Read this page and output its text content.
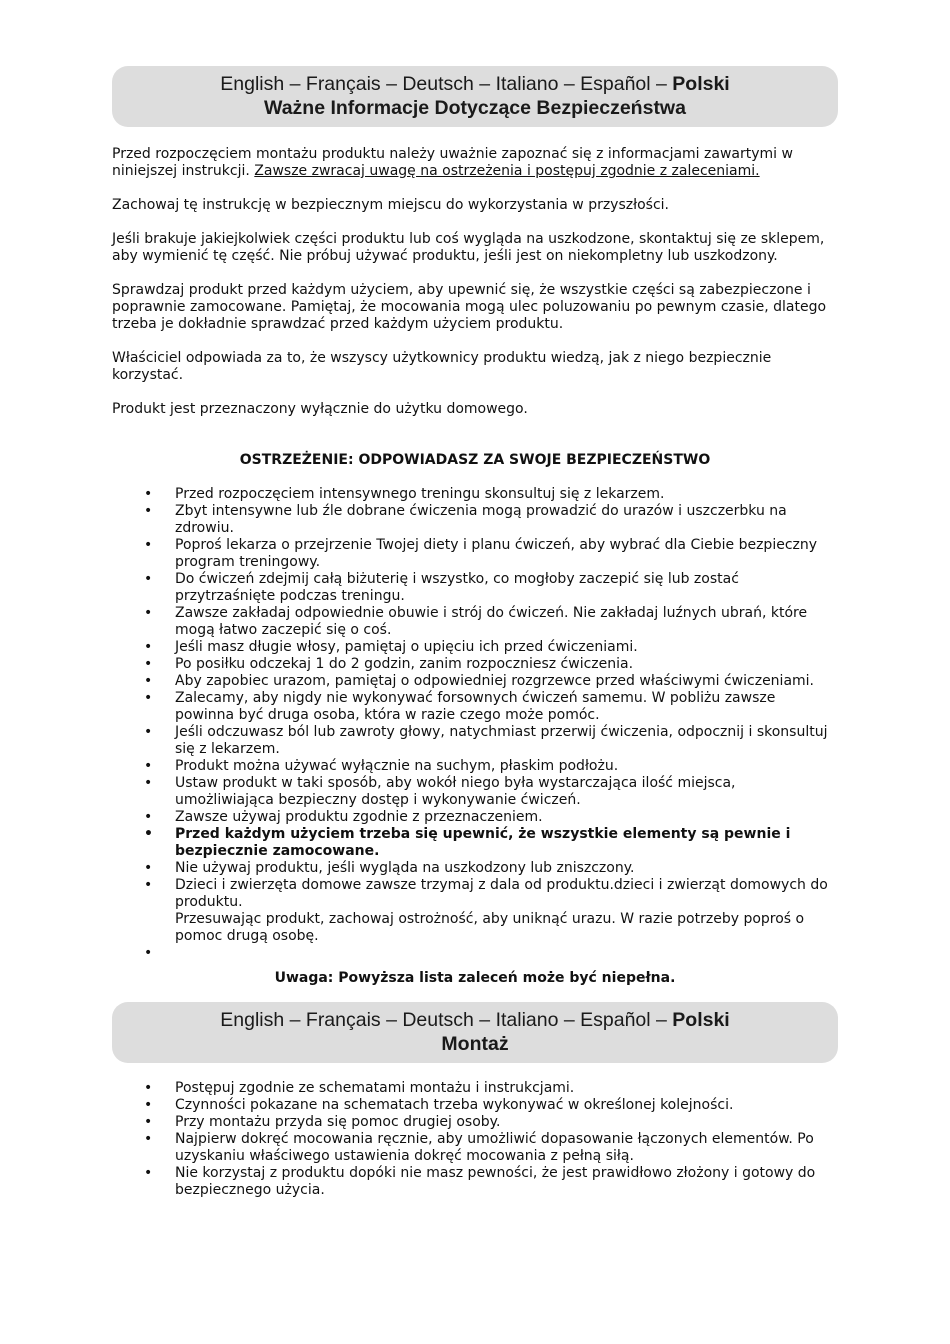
English – Français – Deutsch – Italiano – Español – Polski
Ważne Informacje Dotyczące Bezpieczeństwa

Przed rozpoczęciem montażu produktu należy uważnie zapoznać się z informacjami zawartymi w niniejszej instrukcji. Zawsze zwracaj uwagę na ostrzeżenia i postępuj zgodnie z zaleceniami.

Zachowaj tę instrukcję w bezpiecznym miejscu do wykorzystania w przyszłości.

Jeśli brakuje jakiejkolwiek części produktu lub coś wygląda na uszkodzone, skontaktuj się ze sklepem, aby wymienić tę część. Nie próbuj używać produktu, jeśli jest on niekompletny lub uszkodzony.

Sprawdzaj produkt przed każdym użyciem, aby upewnić się, że wszystkie części są zabezpieczone i poprawnie zamocowane. Pamiętaj, że mocowania mogą ulec poluzowaniu po pewnym czasie, dlatego trzeba je dokładnie sprawdzać przed każdym użyciem produktu.

Właściciel odpowiada za to, że wszyscy użytkownicy produktu wiedzą, jak z niego bezpiecznie korzystać.

Produkt jest przeznaczony wyłącznie do użytku domowego.

OSTRZEŻENIE: ODPOWIADASZ ZA SWOJE BEZPIECZEŃSTWO

• Przed rozpoczęciem intensywnego treningu skonsultuj się z lekarzem.
• Zbyt intensywne lub źle dobrane ćwiczenia mogą prowadzić do urazów i uszczerbku na zdrowiu.
• Poproś lekarza o przejrzenie Twojej diety i planu ćwiczeń, aby wybrać dla Ciebie bezpieczny program treningowy.
• Do ćwiczeń zdejmij całą biżuterię i wszystko, co mogłoby zaczepić się lub zostać przytrzaśnięte podczas treningu.
• Zawsze zakładaj odpowiednie obuwie i strój do ćwiczeń. Nie zakładaj luźnych ubrań, które mogą łatwo zaczepić się o coś.
• Jeśli masz długie włosy, pamiętaj o upięciu ich przed ćwiczeniami.
• Po posiłku odczekaj 1 do 2 godzin, zanim rozpoczniesz ćwiczenia.
• Aby zapobiec urazom, pamiętaj o odpowiedniej rozgrzewce przed właściwymi ćwiczeniami.
• Zalecamy, aby nigdy nie wykonywać forsownych ćwiczeń samemu. W pobliżu zawsze powinna być druga osoba, która w razie czego może pomóc.
• Jeśli odczuwasz ból lub zawroty głowy, natychmiast przerwij ćwiczenia, odpocznij i skonsultuj się z lekarzem.
• Produkt można używać wyłącznie na suchym, płaskim podłożu.
• Ustaw produkt w taki sposób, aby wokół niego była wystarczająca ilość miejsca, umożliwiająca bezpieczny dostęp i wykonywanie ćwiczeń.
• Zawsze używaj produktu zgodnie z przeznaczeniem.
• Przed każdym użyciem trzeba się upewnić, że wszystkie elementy są pewnie i bezpiecznie zamocowane.
• Nie używaj produktu, jeśli wygląda na uszkodzony lub zniszczony.
• Dzieci i zwierzęta domowe zawsze trzymaj z dala od produktu.dzieci i zwierząt domowych do produktu.
Przesuwając produkt, zachowaj ostrożność, aby uniknąć urazu. W razie potrzeby poproś o pomoc drugą osobę.
•

Uwaga: Powyższa lista zaleceń może być niepełna.

English – Français – Deutsch – Italiano – Español – Polski
Montaż
• Postępuj zgodnie ze schematami montażu i instrukcjami.
• Czynności pokazane na schematach trzeba wykonywać w określonej kolejności.
• Przy montażu przyda się pomoc drugiej osoby.
• Najpierw dokręć mocowania ręcznie, aby umożliwić dopasowanie łączonych elementów. Po uzyskaniu właściwego ustawienia dokręć mocowania z pełną siłą.
• Nie korzystaj z produktu dopóki nie masz pewności, że jest prawidłowo złożony i gotowy do bezpiecznego użycia.
